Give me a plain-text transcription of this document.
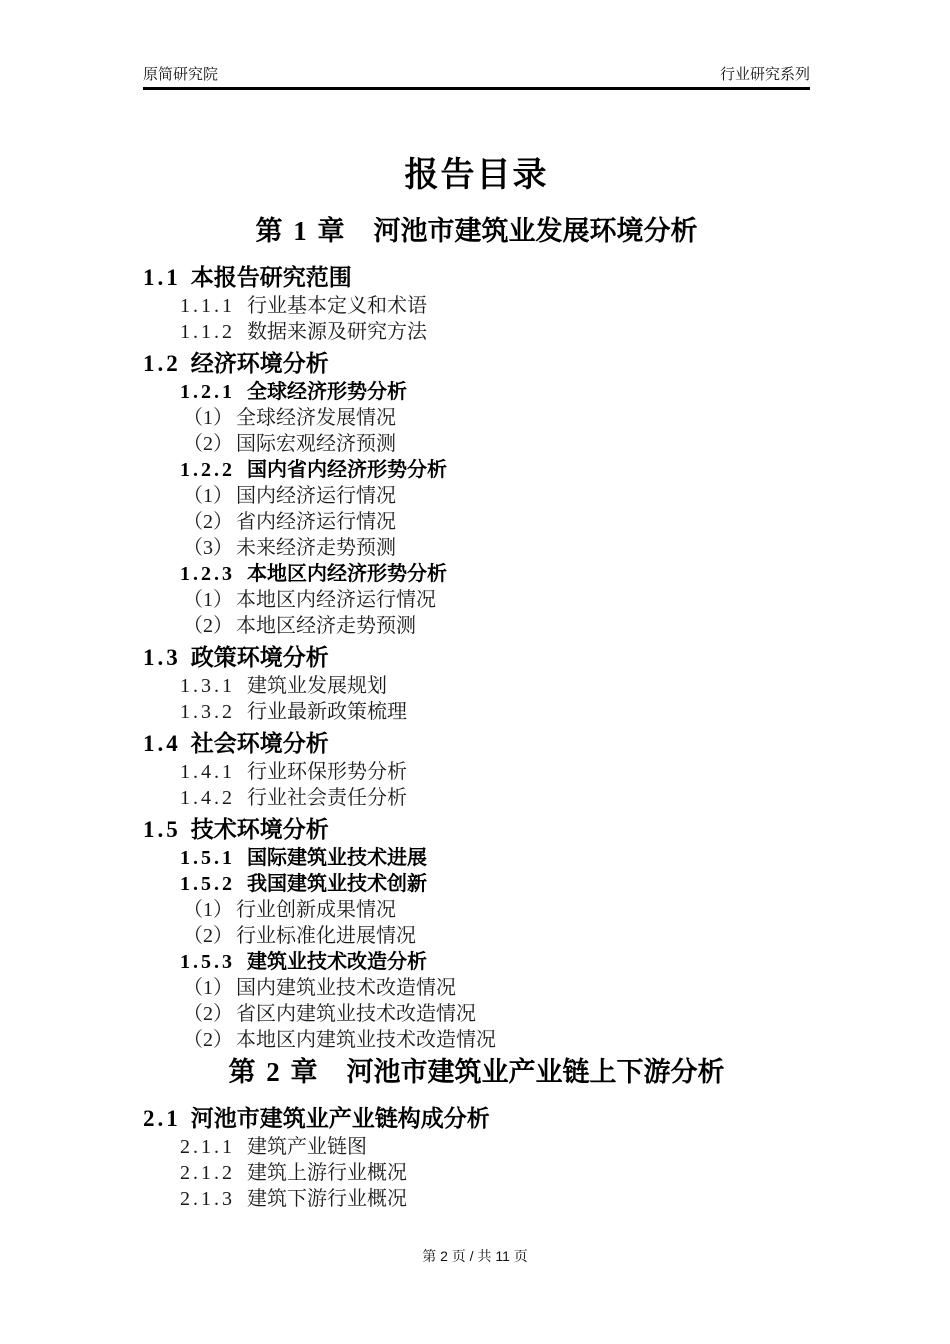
原简研究院	行业研究系列
报告目录
第 1 章 河池市建筑业发展环境分析
1.1 本报告研究范围
1.1.1 行业基本定义和术语
1.1.2 数据来源及研究方法
1.2 经济环境分析
1.2.1 全球经济形势分析
（1） 全球经济发展情况
（2） 国际宏观经济预测
1.2.2 国内省内经济形势分析
（1） 国内经济运行情况
（2） 省内经济运行情况
（3） 未来经济走势预测
1.2.3 本地区内经济形势分析
（1） 本地区内经济运行情况
（2） 本地区经济走势预测
1.3 政策环境分析
1.3.1 建筑业发展规划
1.3.2 行业最新政策梳理
1.4 社会环境分析
1.4.1 行业环保形势分析
1.4.2 行业社会责任分析
1.5 技术环境分析
1.5.1 国际建筑业技术进展
1.5.2 我国建筑业技术创新
（1） 行业创新成果情况
（2） 行业标准化进展情况
1.5.3 建筑业技术改造分析
（1） 国内建筑业技术改造情况
（2） 省区内建筑业技术改造情况
（2） 本地区内建筑业技术改造情况
第 2 章 河池市建筑业产业链上下游分析
2.1 河池市建筑业产业链构成分析
2.1.1 建筑产业链图
2.1.2 建筑上游行业概况
2.1.3 建筑下游行业概况
第 2 页 / 共 11 页
